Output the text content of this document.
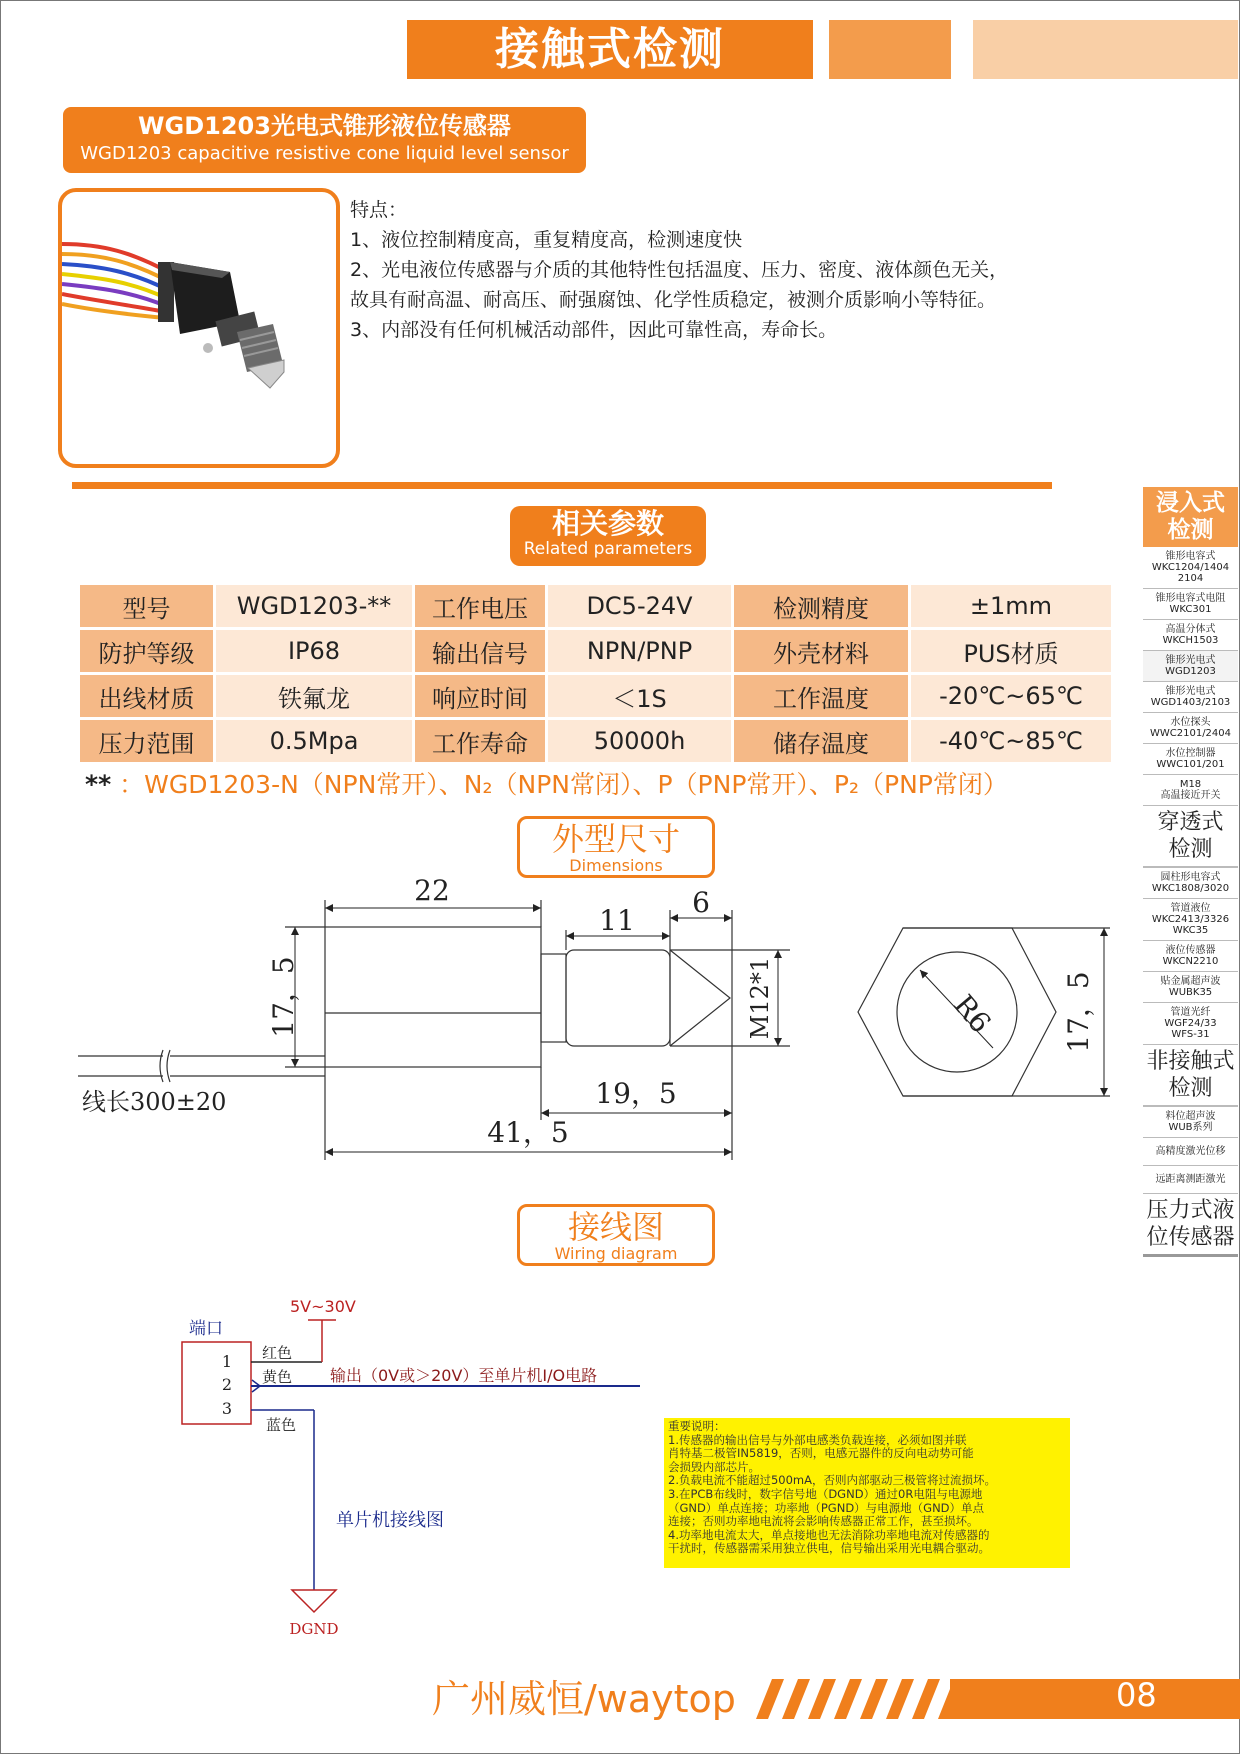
接触式检测
WGD1203光电式锥形液位传感器
WGD1203 capacitive resistive cone liquid level sensor
特点：
1、液位控制精度高，重复精度高，检测速度快
2、光电液位传感器与介质的其他特性包括温度、压力、密度、液体颜色无关，
故具有耐高温、耐高压、耐强腐蚀、化学性质稳定，被测介质影响小等特征。
3、内部没有任何机械活动部件，因此可靠性高，寿命长。
相关参数
Related parameters
型号	WGD1203-**	工作电压	DC5-24V	检测精度	±1mm
防护等级	IP68	输出信号	NPN/PNP	外壳材料	PUS材质
出线材质	铁氟龙	响应时间	＜1S	工作温度	-20℃~65℃
压力范围	0.5Mpa	工作寿命	50000h	储存温度	-40℃~85℃
** ：WGD1203-N（NPN常开）、N₂（NPN常闭）、P（PNP常开）、P₂（PNP常闭）
外型尺寸
Dimensions
22
11
6
17，5	M12*1
19，5
41，5
线长300±20
R6 17，5
接线图
Wiring diagram
端口
5V~30V
1
2
3
红色
黄色
蓝色
输出（0V或＞20V）至单片机I/O电路
单片机接线图
DGND
重要说明：
1.传感器的输出信号与外部电感类负载连接，必须如图并联
肖特基二极管IN5819，否则，电感元器件的反向电动势可能
会损毁内部芯片。
2.负载电流不能超过500mA，否则内部驱动三极管将过流损坏。
3.在PCB布线时，数字信号地（DGND）通过0R电阻与电源地
（GND）单点连接；功率地（PGND）与电源地（GND）单点
连接；否则功率地电流将会影响传感器正常工作，甚至损坏。
4.功率地电流太大，单点接地也无法消除功率地电流对传感器的
干扰时，传感器需采用独立供电，信号输出采用光电耦合驱动。
浸入式
检测
锥形电容式
WKC1204/1404
2104
锥形电容式电阻
WKC301
高温分体式
WKCH1503
锥形光电式
WGD1203
锥形光电式
WGD1403/2103
水位探头
WWC2101/2404
水位控制器
WWC101/201
M18
高温接近开关
穿透式
检测
圆柱形电容式
WKC1808/3020
管道液位
WKC2413/3326
WKC35
液位传感器
WKCN2210
贴金属超声波
WUBK35
管道光纤
WGF24/33
WFS-31
非接触式
检测
料位超声波
WUB系列
高精度激光位移
远距离测距激光
压力式液
位传感器
广州威恒/waytop	08
